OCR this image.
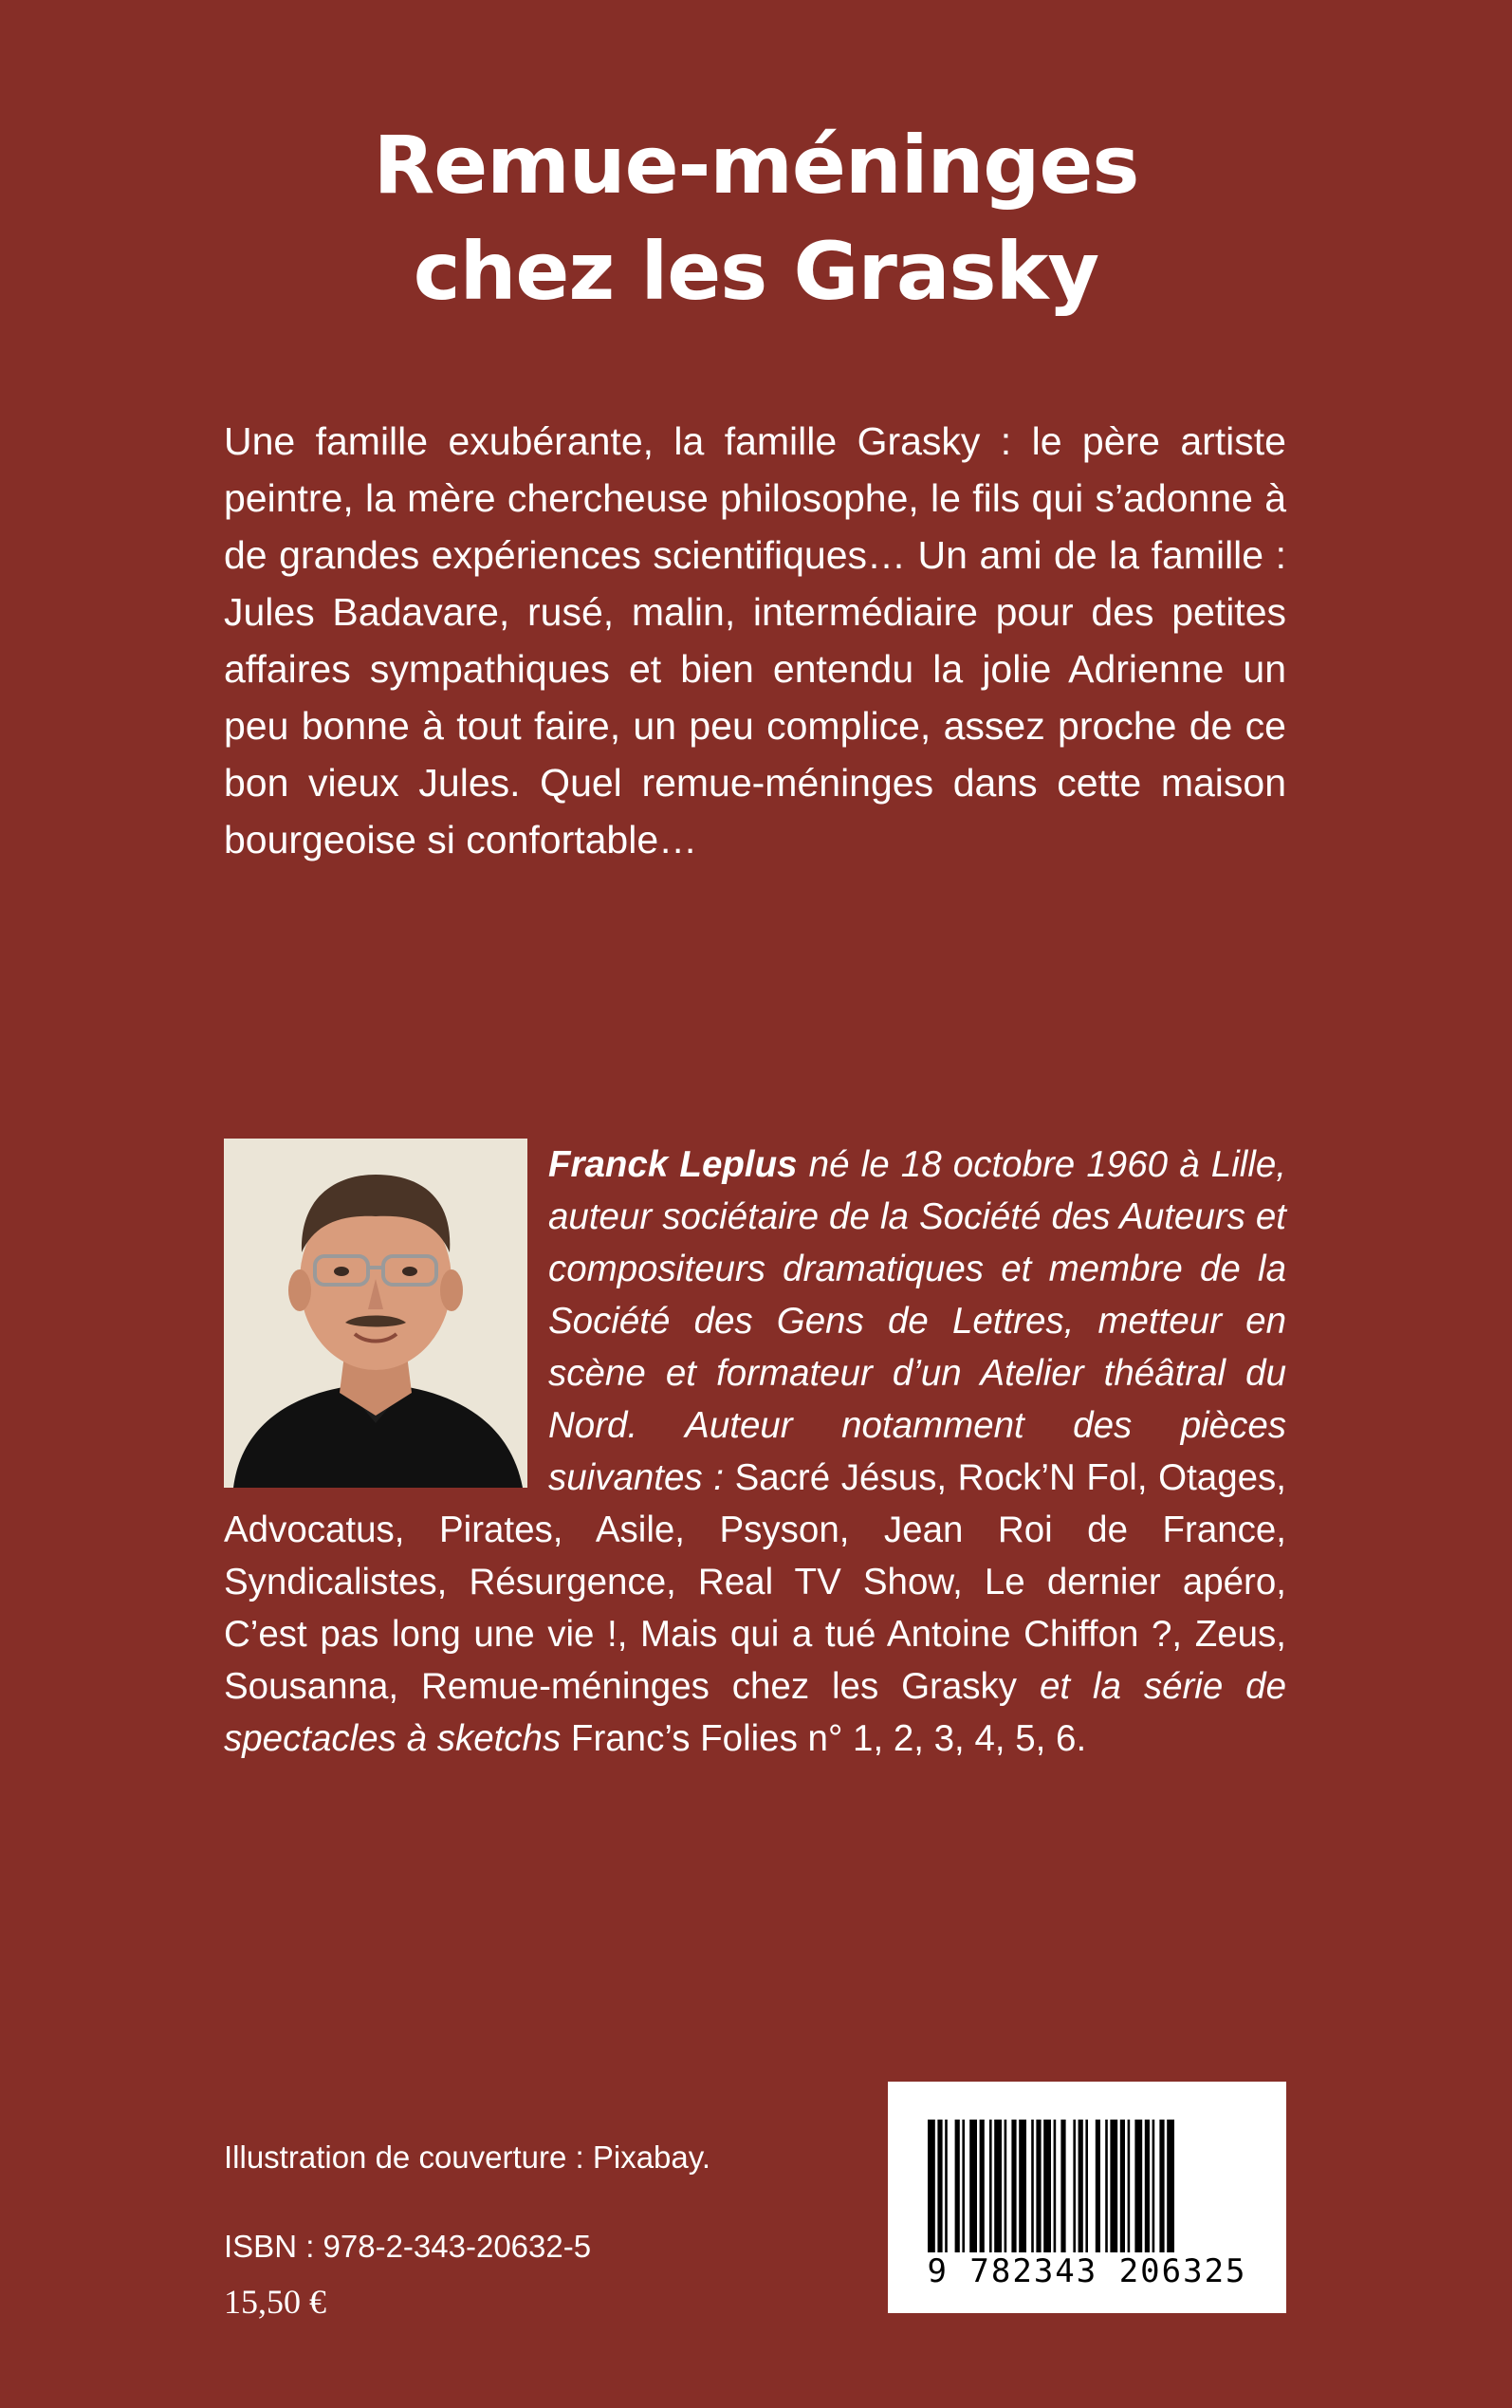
Remue-méninges
chez les Grasky

Une famille exubérante, la famille Grasky : le père artiste peintre, la mère chercheuse philosophe, le fils qui s’adonne à de grandes expériences scientifiques… Un ami de la famille : Jules Badavare, rusé, malin, intermédiaire pour des petites affaires sympathiques et bien entendu la jolie Adrienne un peu bonne à tout faire, un peu complice, assez proche de ce bon vieux Jules. Quel remue-méninges dans cette maison bourgeoise si confortable…

Franck Leplus né le 18 octobre 1960 à Lille, auteur sociétaire de la Société des Auteurs et compositeurs dramatiques et membre de la Société des Gens de Lettres, metteur en scène et formateur d’un Atelier théâtral du Nord. Auteur notamment des pièces suivantes : Sacré Jésus, Rock’N Fol, Otages, Advocatus, Pirates, Asile, Psyson, Jean Roi de France, Syndicalistes, Résurgence, Real TV Show, Le dernier apéro, C’est pas long une vie !, Mais qui a tué Antoine Chiffon ?, Zeus, Sousanna, Remue-méninges chez les Grasky et la série de spectacles à sketchs Franc’s Folies n° 1, 2, 3, 4, 5, 6.

Illustration de couverture : Pixabay.

ISBN : 978-2-343-20632-5

15,50 €

9 782343 206325
